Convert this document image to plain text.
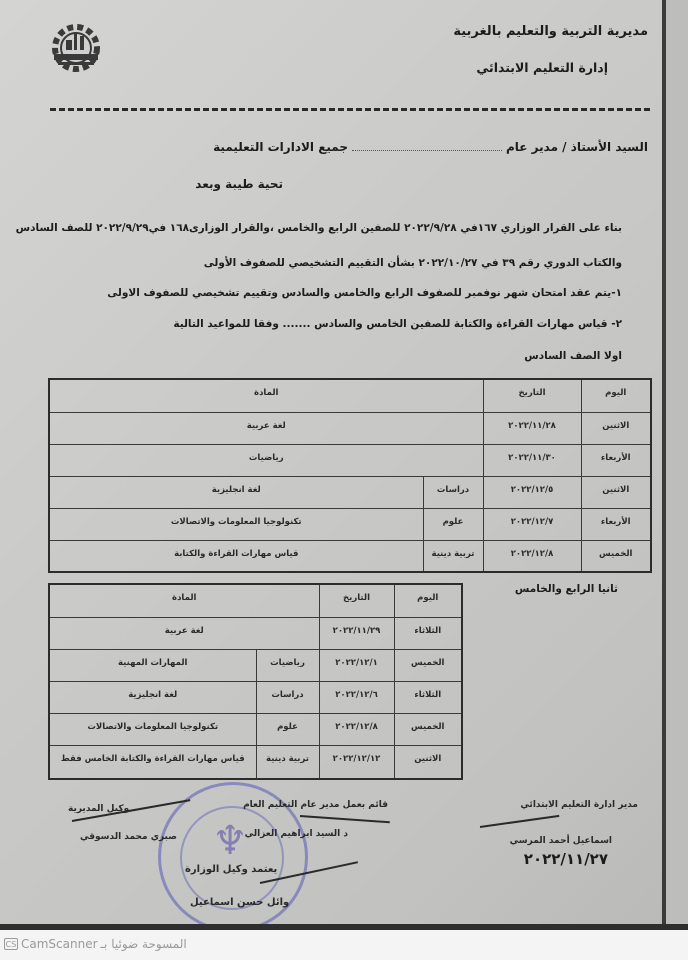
مديرية التربية والتعليم بالغربية
إدارة التعليم الابتدائي
السيد الأستاذ / مدير عامجميع الادارات التعليمية
تحية طيبة وبعد
بناء على القرار الوزاري ١٦٧في ٢٠٢٢/٩/٢٨ للصفين الرابع والخامس ،والقرار الوزارى١٦٨ في٢٠٢٢/٩/٢٩ للصف السادس
والكتاب الدوري رقم ٣٩ في ٢٠٢٢/١٠/٢٧ بشأن التقييم التشخيصي للصفوف الأولى
١-يتم عقد امتحان شهر نوفمبر للصفوف الرابع والخامس والسادس وتقييم تشخيصي للصفوف الاولى
٢- قياس مهارات القراءة والكتابة للصفين الخامس والسادس ....... وفقا للمواعيد التالية
اولا الصف السادس
اليوم	التاريخ	المادة	
الاثنين	٢٠٢٢/١١/٢٨	لغة عربية	
الأربعاء	٢٠٢٢/١١/٣٠	رياضيات	
الاثنين	٢٠٢٢/١٢/٥	دراسات	لغة انجليزية
الأربعاء	٢٠٢٢/١٢/٧	علوم	تكنولوجيا المعلومات والاتصالات
الخميس	٢٠٢٢/١٢/٨	تربية دينية	قياس مهارات القراءة والكتابة
ثانيا الرابع والخامس
اليوم	التاريخ	المادة	
الثلاثاء	٢٠٢٢/١١/٢٩	لغة عربية	
الخميس	٢٠٢٢/١٢/١	رياضيات	المهارات المهنية
الثلاثاء	٢٠٢٢/١٢/٦	دراسات	لغة انجليزية
الخميس	٢٠٢٢/١٢/٨	علوم	تكنولوجيا المعلومات والاتصالات
الاثنين	٢٠٢٢/١٢/١٢	تربية دينية	قياس مهارات القراءة والكتابة الخامس فقط
مدير ادارة التعليم الابتدائي
اسماعيل أحمد المرسي
٢٠٢٢/١١/٢٧
♆
قائم بعمل مدير عام التعليم العام
د السيد ابراهيم العزالي
وكيل المديرية
صبري محمد الدسوقي
يعتمد وكيل الوزارة
وائل حسن اسماعيل
CS CamScanner المسوحة ضوئيا بـ
